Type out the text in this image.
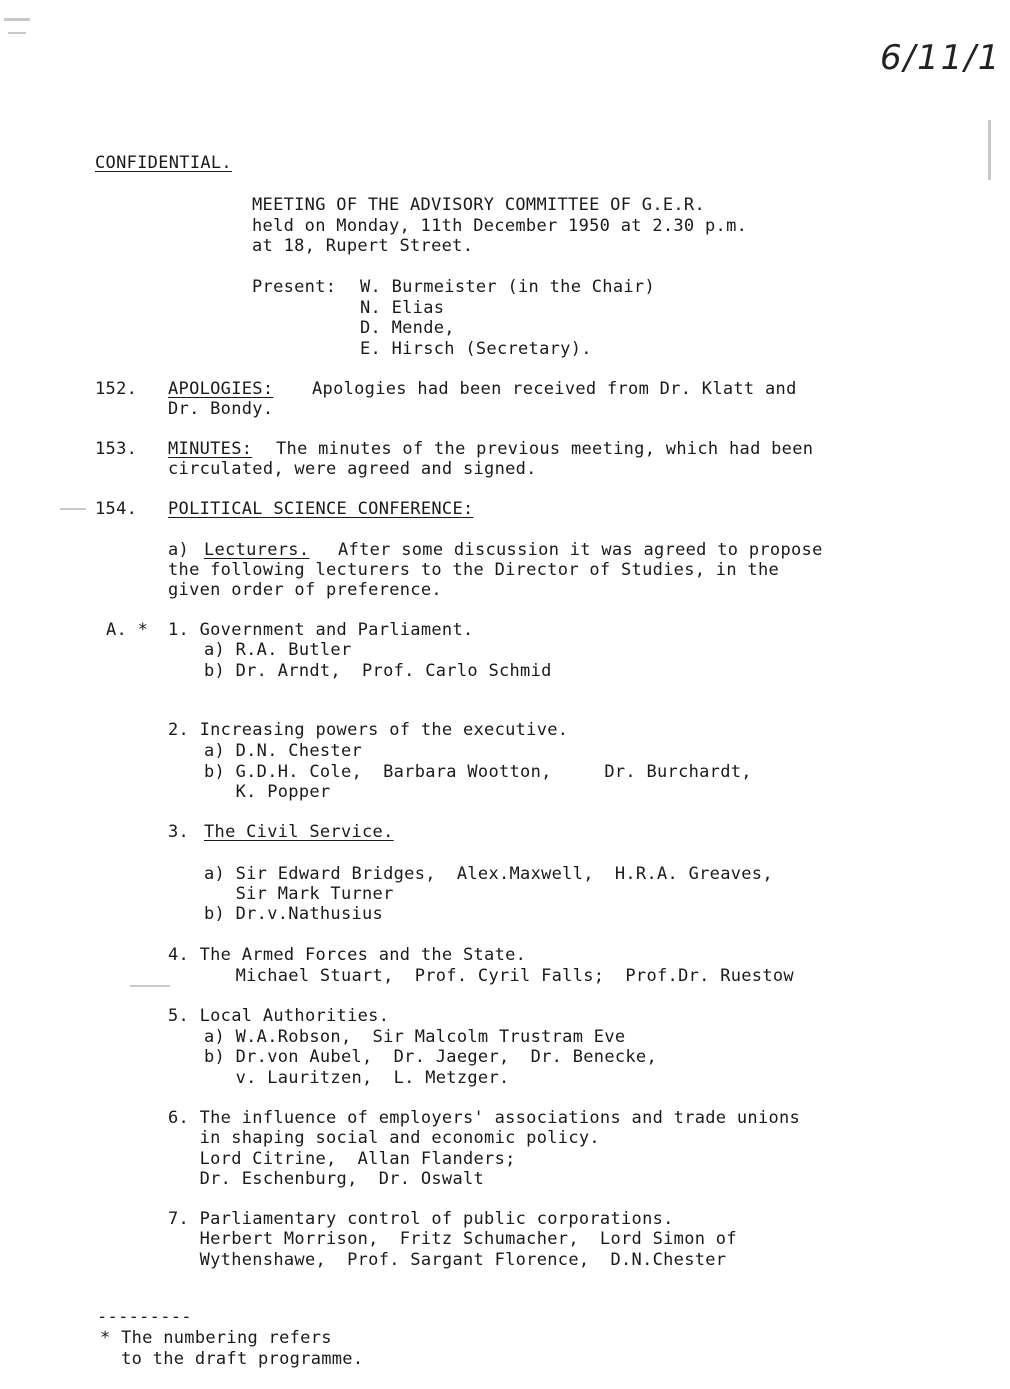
6/11/1
CONFIDENTIAL.
MEETING OF THE ADVISORY COMMITTEE OF G.E.R.
held on Monday, 11th December 1950 at 2.30 p.m.
at 18, Rupert Street.
Present: W. Burmeister (in the Chair)
N. Elias
D. Mende,
E. Hirsch (Secretary).
152. APOLOGIES: Apologies had been received from Dr. Klatt and
Dr. Bondy.
153. MINUTES: The minutes of the previous meeting, which had been
circulated, were agreed and signed.
154. POLITICAL SCIENCE CONFERENCE:
a) Lecturers. After some discussion it was agreed to propose
the following lecturers to the Director of Studies, in the
given order of preference.
A. * 1. Government and Parliament.
a) R.A. Butler
b) Dr. Arndt,  Prof. Carlo Schmid
2. Increasing powers of the executive.
a) D.N. Chester
b) G.D.H. Cole,  Barbara Wootton,     Dr. Burchardt,
K. Popper
3. The Civil Service.
a) Sir Edward Bridges,  Alex.Maxwell,  H.R.A. Greaves,
Sir Mark Turner
b) Dr.v.Nathusius
4. The Armed Forces and the State.
Michael Stuart,  Prof. Cyril Falls;  Prof.Dr. Ruestow
5. Local Authorities.
a) W.A.Robson,  Sir Malcolm Trustram Eve
b) Dr.von Aubel,  Dr. Jaeger,  Dr. Benecke,
v. Lauritzen,  L. Metzger.
6. The influence of employers' associations and trade unions
in shaping social and economic policy.
Lord Citrine,  Allan Flanders;
Dr. Eschenburg,  Dr. Oswalt
7. Parliamentary control of public corporations.
Herbert Morrison,  Fritz Schumacher,  Lord Simon of
Wythenshawe,  Prof. Sargant Florence,  D.N.Chester
---------
* The numbering refers
to the draft programme.
